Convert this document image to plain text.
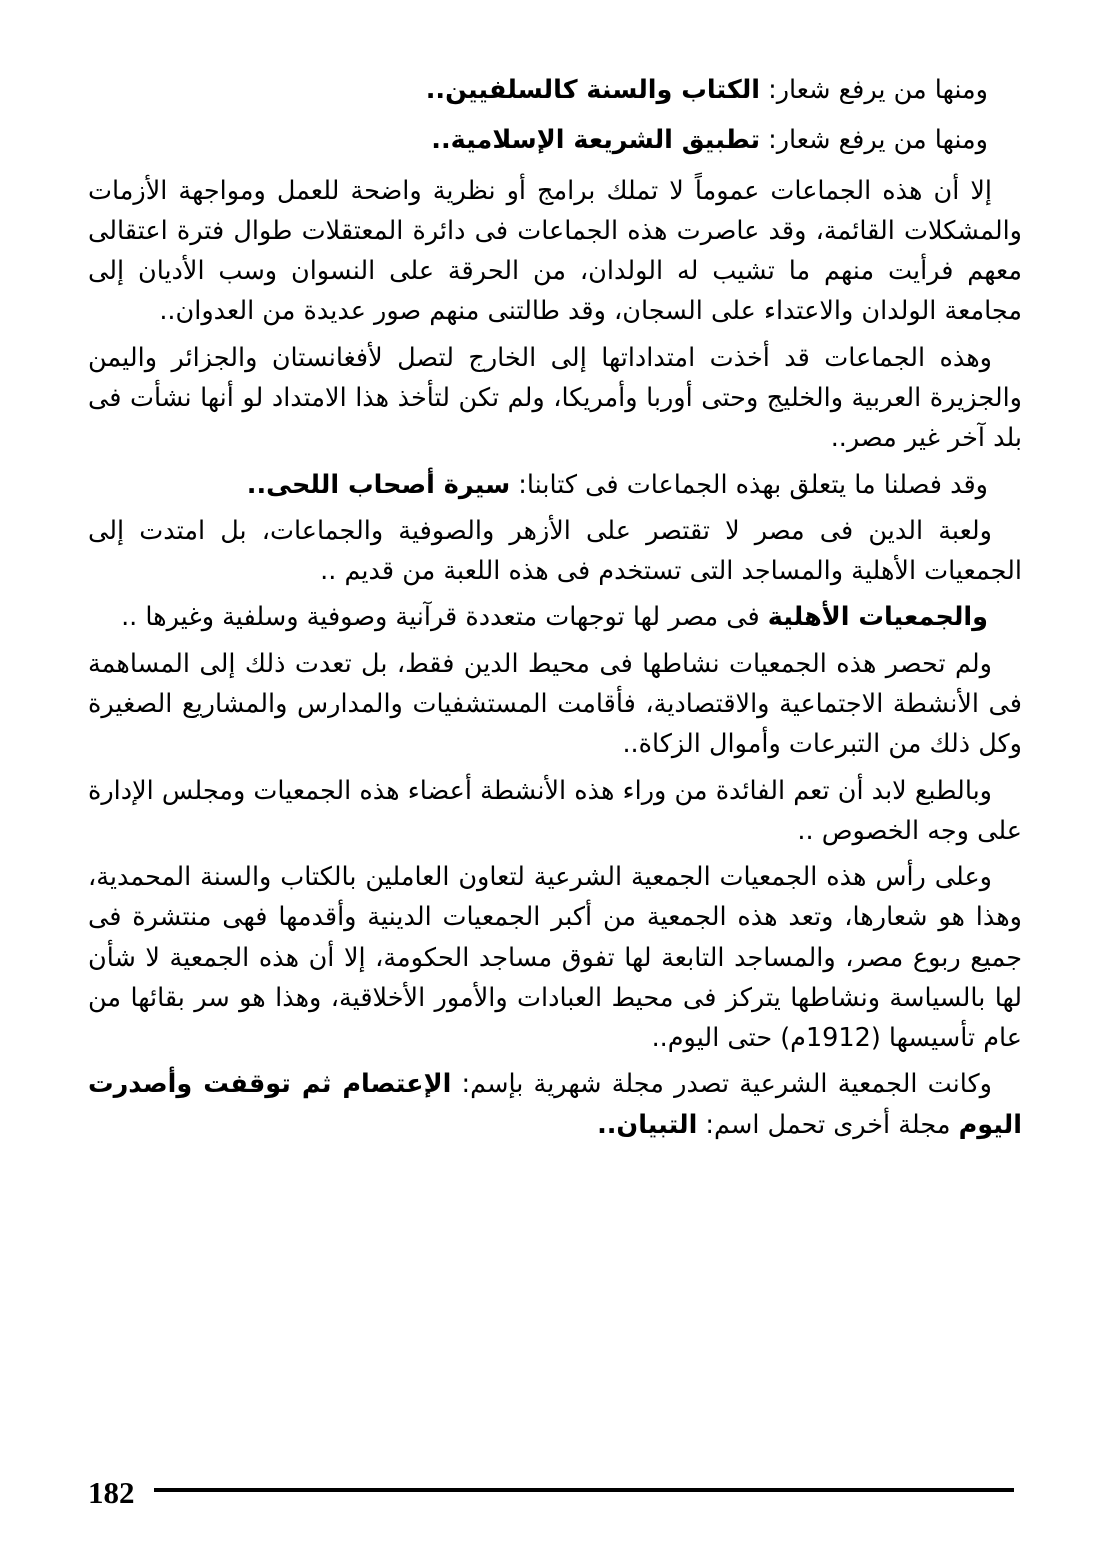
ومنها من يرفع شعار: الكتاب والسنة كالسلفيين..

ومنها من يرفع شعار: تطبيق الشريعة الإسلامية..

إلا أن هذه الجماعات عموماً لا تملك برامج أو نظرية واضحة للعمل ومواجهة الأزمات والمشكلات القائمة، وقد عاصرت هذه الجماعات فى دائرة المعتقلات طوال فترة اعتقالى معهم فرأيت منهم ما تشيب له الولدان، من الحرقة على النسوان وسب الأديان إلى مجامعة الولدان والاعتداء على السجان، وقد طالتنى منهم صور عديدة من العدوان..

وهذه الجماعات قد أخذت امتداداتها إلى الخارج لتصل لأفغانستان والجزائر واليمن والجزيرة العربية والخليج وحتى أوربا وأمريكا، ولم تكن لتأخذ هذا الامتداد لو أنها نشأت فى بلد آخر غير مصر..

وقد فصلنا ما يتعلق بهذه الجماعات فى كتابنا: سيرة أصحاب اللحى..

ولعبة الدين فى مصر لا تقتصر على الأزهر والصوفية والجماعات، بل امتدت إلى الجمعيات الأهلية والمساجد التى تستخدم فى هذه اللعبة من قديم ..

والجمعيات الأهلية فى مصر لها توجهات متعددة قرآنية وصوفية وسلفية وغيرها ..

ولم تحصر هذه الجمعيات نشاطها فى محيط الدين فقط، بل تعدت ذلك إلى المساهمة فى الأنشطة الاجتماعية والاقتصادية، فأقامت المستشفيات والمدارس والمشاريع الصغيرة وكل ذلك من التبرعات وأموال الزكاة..

وبالطبع لابد أن تعم الفائدة من وراء هذه الأنشطة أعضاء هذه الجمعيات ومجلس الإدارة على وجه الخصوص ..

وعلى رأس هذه الجمعيات الجمعية الشرعية لتعاون العاملين بالكتاب والسنة المحمدية، وهذا هو شعارها، وتعد هذه الجمعية من أكبر الجمعيات الدينية وأقدمها فهى منتشرة فى جميع ربوع مصر، والمساجد التابعة لها تفوق مساجد الحكومة، إلا أن هذه الجمعية لا شأن لها بالسياسة ونشاطها يتركز فى محيط العبادات والأمور الأخلاقية، وهذا هو سر بقائها من عام تأسيسها (1912م) حتى اليوم..

وكانت الجمعية الشرعية تصدر مجلة شهرية بإسم: الإعتصام ثم توقفت وأصدرت اليوم مجلة أخرى تحمل اسم: التبيان..

182
